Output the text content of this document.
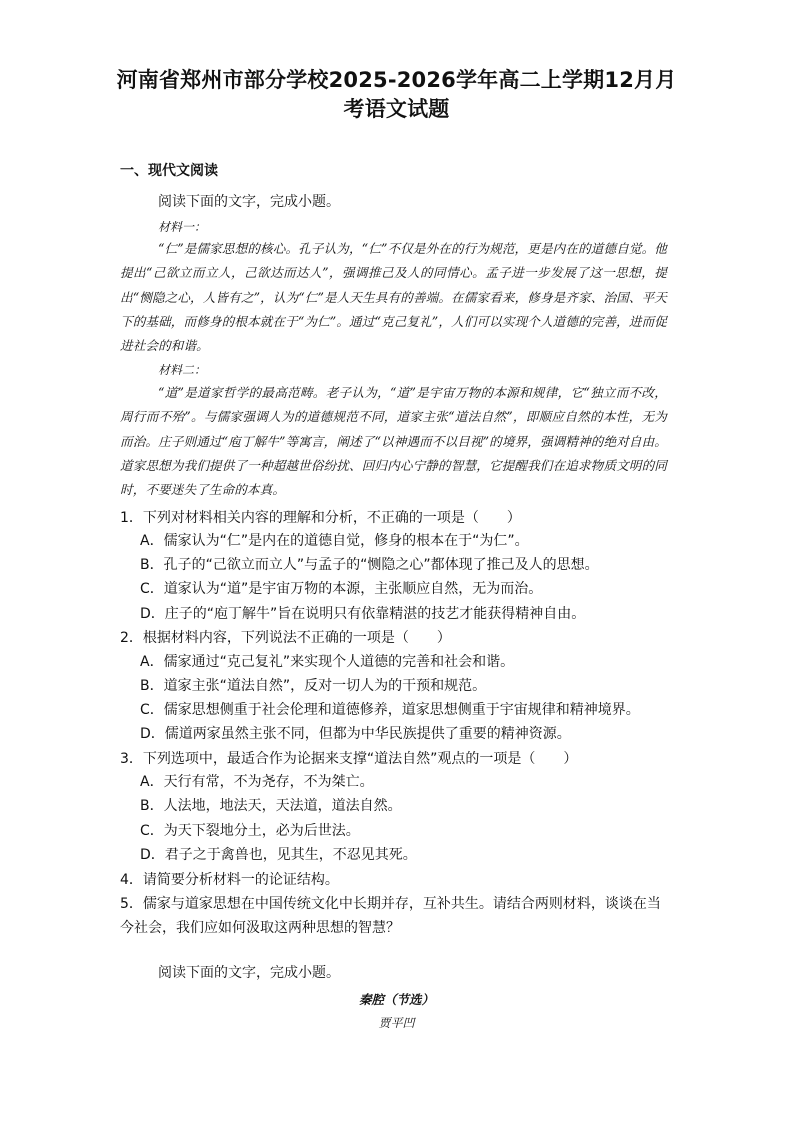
河南省郑州市部分学校2025-2026学年高二上学期12月月
考语文试题
一、现代文阅读
阅读下面的文字，完成小题。
材料一：
“仁”是儒家思想的核心。孔子认为，“仁”不仅是外在的行为规范，更是内在的道德自觉。他提出“己欲立而立人，己欲达而达人”，强调推己及人的同情心。孟子进一步发展了这一思想，提出“恻隐之心，人皆有之”，认为“仁”是人天生具有的善端。在儒家看来，修身是齐家、治国、平天下的基础，而修身的根本就在于“为仁”。通过“克己复礼”，人们可以实现个人道德的完善，进而促进社会的和谐。
材料二：
“道”是道家哲学的最高范畴。老子认为，“道”是宇宙万物的本源和规律，它“独立而不改，周行而不殆”。与儒家强调人为的道德规范不同，道家主张“道法自然”，即顺应自然的本性，无为而治。庄子则通过“庖丁解牛”等寓言，阐述了“以神遇而不以目视”的境界，强调精神的绝对自由。道家思想为我们提供了一种超越世俗纷扰、回归内心宁静的智慧，它提醒我们在追求物质文明的同时，不要迷失了生命的本真。
1．下列对材料相关内容的理解和分析，不正确的一项是（　　）
A．儒家认为“仁”是内在的道德自觉，修身的根本在于“为仁”。
B．孔子的“己欲立而立人”与孟子的“恻隐之心”都体现了推己及人的思想。
C．道家认为“道”是宇宙万物的本源，主张顺应自然，无为而治。
D．庄子的“庖丁解牛”旨在说明只有依靠精湛的技艺才能获得精神自由。
2．根据材料内容，下列说法不正确的一项是（　　）
A．儒家通过“克己复礼”来实现个人道德的完善和社会和谐。
B．道家主张“道法自然”，反对一切人为的干预和规范。
C．儒家思想侧重于社会伦理和道德修养，道家思想侧重于宇宙规律和精神境界。
D．儒道两家虽然主张不同，但都为中华民族提供了重要的精神资源。
3．下列选项中，最适合作为论据来支撑“道法自然”观点的一项是（　　）
A．天行有常，不为尧存，不为桀亡。
B．人法地，地法天，天法道，道法自然。
C．为天下裂地分土，必为后世法。
D．君子之于禽兽也，见其生，不忍见其死。
4．请简要分析材料一的论证结构。
5．儒家与道家思想在中国传统文化中长期并存，互补共生。请结合两则材料，谈谈在当今社会，我们应如何汲取这两种思想的智慧？
阅读下面的文字，完成小题。
秦腔（节选）
贾平凹
